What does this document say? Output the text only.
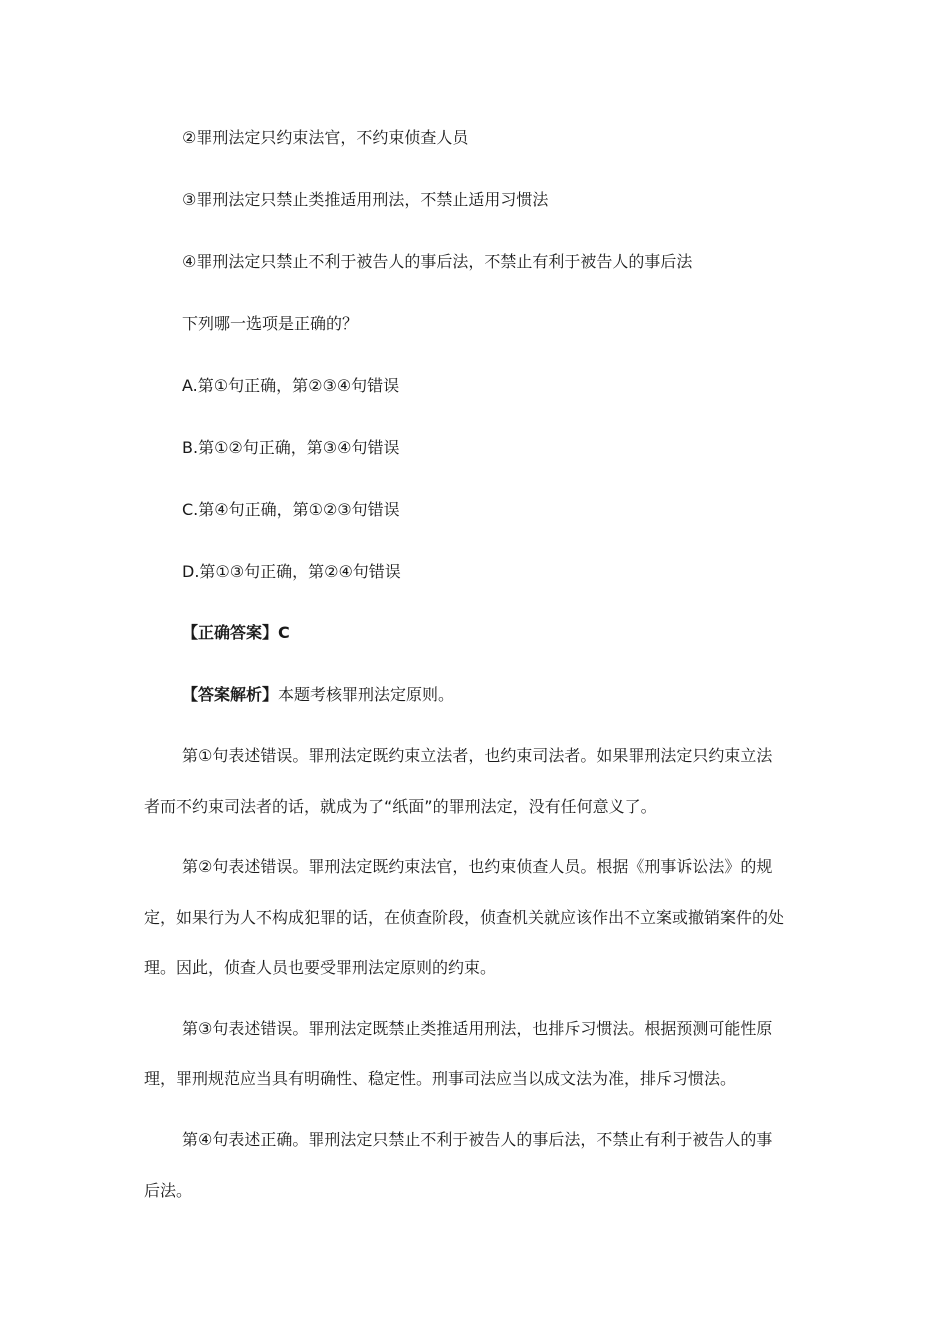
②罪刑法定只约束法官，不约束侦查人员
③罪刑法定只禁止类推适用刑法，不禁止适用习惯法
④罪刑法定只禁止不利于被告人的事后法，不禁止有利于被告人的事后法
下列哪一选项是正确的？
A.第①句正确，第②③④句错误
B.第①②句正确，第③④句错误
C.第④句正确，第①②③句错误
D.第①③句正确，第②④句错误
【正确答案】C
【答案解析】本题考核罪刑法定原则。
第①句表述错误。罪刑法定既约束立法者，也约束司法者。如果罪刑法定只约束立法
者而不约束司法者的话，就成为了“纸面”的罪刑法定，没有任何意义了。
第②句表述错误。罪刑法定既约束法官，也约束侦查人员。根据《刑事诉讼法》的规
定，如果行为人不构成犯罪的话，在侦查阶段，侦查机关就应该作出不立案或撤销案件的处
理。因此，侦查人员也要受罪刑法定原则的约束。
第③句表述错误。罪刑法定既禁止类推适用刑法，也排斥习惯法。根据预测可能性原
理，罪刑规范应当具有明确性、稳定性。刑事司法应当以成文法为准，排斥习惯法。
第④句表述正确。罪刑法定只禁止不利于被告人的事后法，不禁止有利于被告人的事
后法。
